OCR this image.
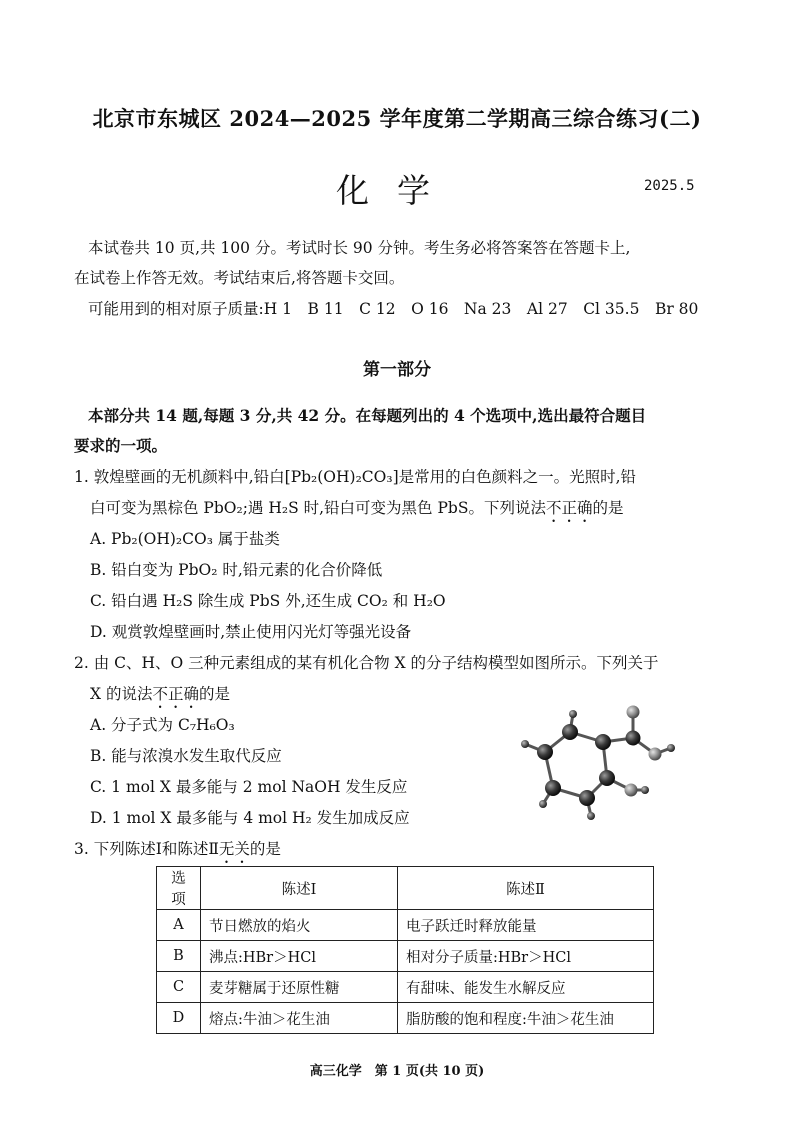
北京市东城区 2024—2025 学年度第二学期高三综合练习(二)
化学	2025.5
本试卷共 10 页,共 100 分。考试时长 90 分钟。考生务必将答案答在答题卡上,
在试卷上作答无效。考试结束后,将答题卡交回。
可能用到的相对原子质量:H 1　B 11　C 12　O 16　Na 23　Al 27　Cl 35.5　Br 80
第一部分
本部分共 14 题,每题 3 分,共 42 分。在每题列出的 4 个选项中,选出最符合题目
要求的一项。
1. 敦煌壁画的无机颜料中,铅白[Pb₂(OH)₂CO₃]是常用的白色颜料之一。光照时,铅
白可变为黑棕色 PbO₂;遇 H₂S 时,铅白可变为黑色 PbS。下列说法不正确的是
A. Pb₂(OH)₂CO₃ 属于盐类
B. 铅白变为 PbO₂ 时,铅元素的化合价降低
C. 铅白遇 H₂S 除生成 PbS 外,还生成 CO₂ 和 H₂O
D. 观赏敦煌壁画时,禁止使用闪光灯等强光设备
2. 由 C、H、O 三种元素组成的某有机化合物 X 的分子结构模型如图所示。下列关于
X 的说法不正确的是
A. 分子式为 C₇H₆O₃
B. 能与浓溴水发生取代反应
C. 1 mol X 最多能与 2 mol NaOH 发生反应
D. 1 mol X 最多能与 4 mol H₂ 发生加成反应
3. 下列陈述Ⅰ和陈述Ⅱ无关的是
选项	陈述Ⅰ	陈述Ⅱ
A	节日燃放的焰火	电子跃迁时释放能量
B	沸点:HBr＞HCl	相对分子质量:HBr＞HCl
C	麦芽糖属于还原性糖	有甜味、能发生水解反应
D	熔点:牛油＞花生油	脂肪酸的饱和程度:牛油＞花生油
高三化学　第 1 页(共 10 页)
